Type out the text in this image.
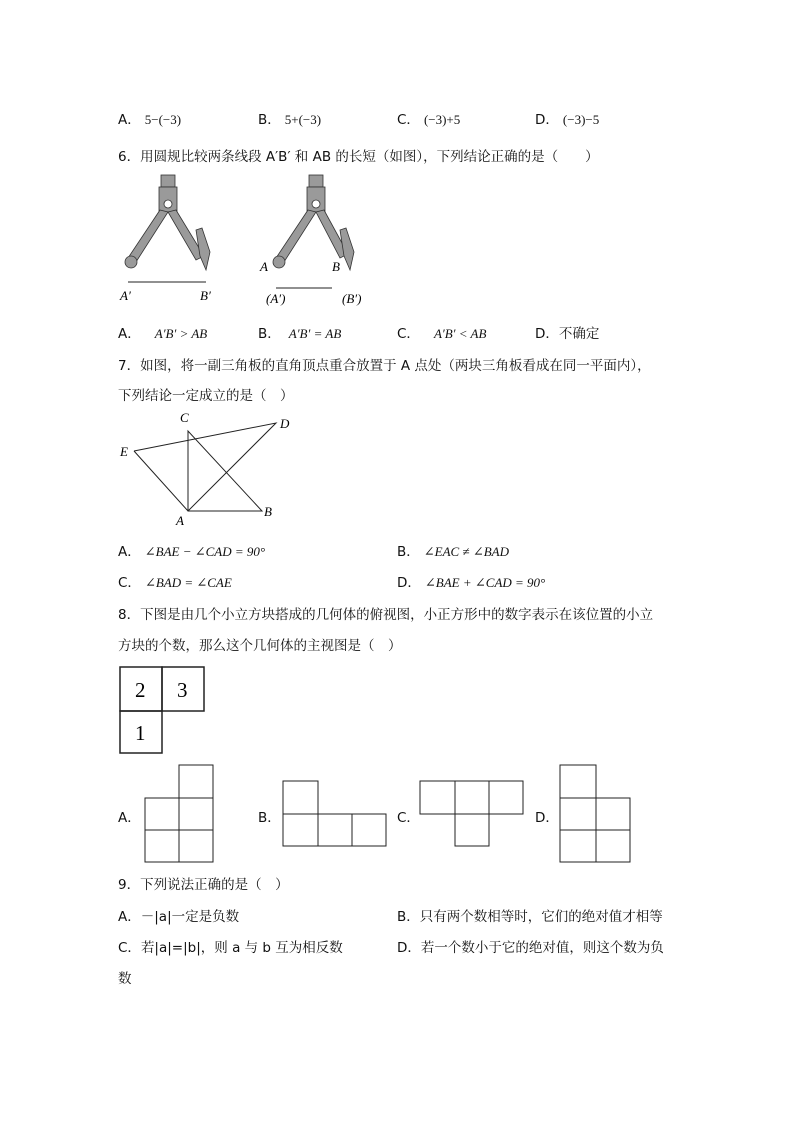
A． 5−(−3)	B． 5+(−3)	C． (−3)+5	D． (−3)−5
6．用圆规比较两条线段 A′B′ 和 AB 的长短（如图），下列结论正确的是（　　）
A′	B′
A	B
(A′)	(B′)
A． A′B′ > AB	B． A′B′ = AB	C． A′B′ < AB	D．不确定
7．如图，将一副三角板的直角顶点重合放置于 A 点处（两块三角板看成在同一平面内），
下列结论一定成立的是（　）
C	D
E
A
B
A． ∠BAE − ∠CAD = 90°	B． ∠EAC ≠ ∠BAD
C． ∠BAD = ∠CAE	D． ∠BAE + ∠CAD = 90°
8．下图是由几个小立方块搭成的几何体的俯视图，小正方形中的数字表示在该位置的小立
方块的个数，那么这个几何体的主视图是（　）
2 3
1
A．	B．	C．	D．
9．下列说法正确的是（　）
A．－|a|一定是负数	B．只有两个数相等时，它们的绝对值才相等
C．若|a|=|b|，则 a 与 b 互为相反数	D．若一个数小于它的绝对值，则这个数为负
数
